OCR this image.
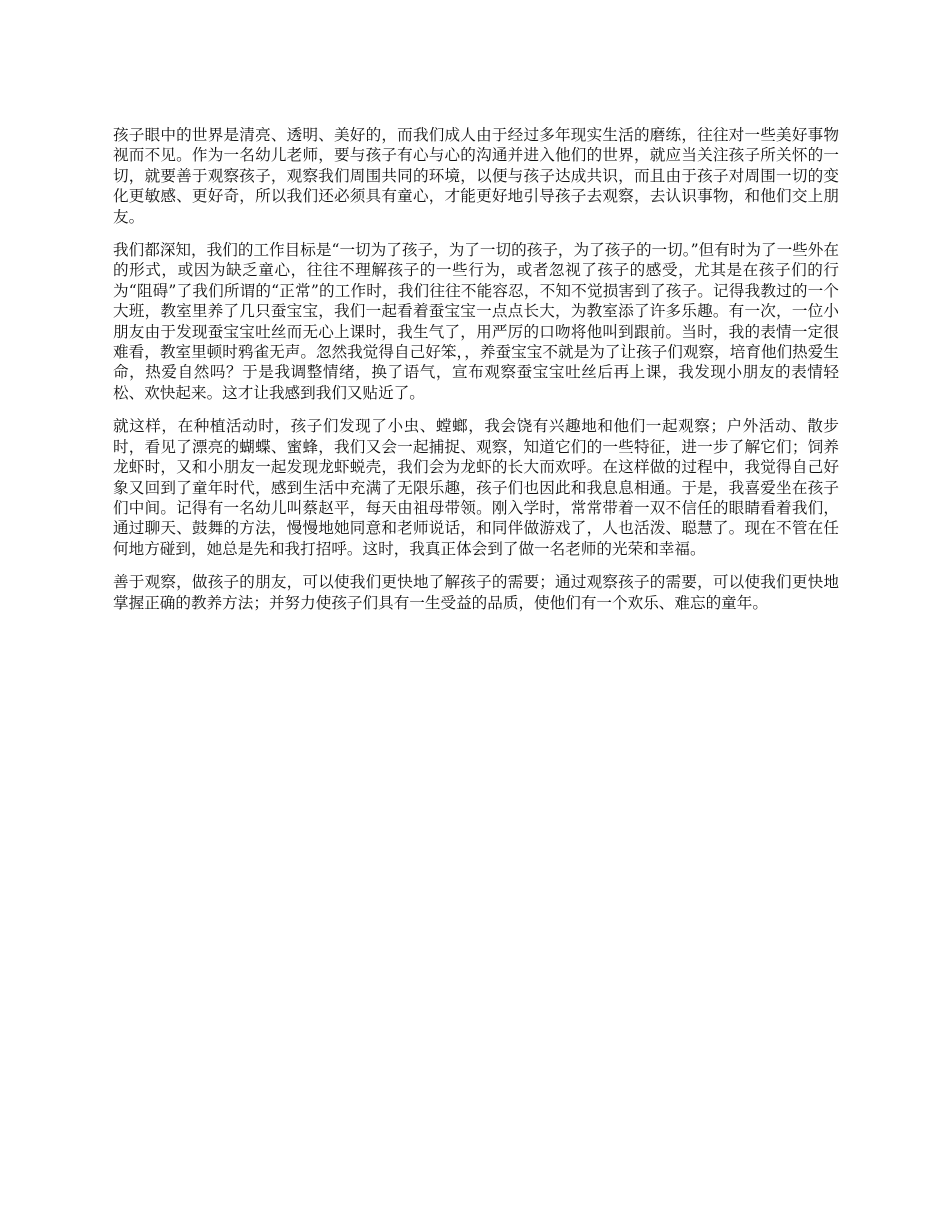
孩子眼中的世界是清亮、透明、美好的，而我们成人由于经过多年现实生活的磨练，往往对一些美好事物视而不见。作为一名幼儿老师，要与孩子有心与心的沟通并进入他们的世界，就应当关注孩子所关怀的一切，就要善于观察孩子，观察我们周围共同的环境，以便与孩子达成共识，而且由于孩子对周围一切的变化更敏感、更好奇，所以我们还必须具有童心，才能更好地引导孩子去观察，去认识事物，和他们交上朋友。

我们都深知，我们的工作目标是“一切为了孩子，为了一切的孩子，为了孩子的一切。”但有时为了一些外在的形式，或因为缺乏童心，往往不理解孩子的一些行为，或者忽视了孩子的感受，尤其是在孩子们的行为“阻碍”了我们所谓的“正常”的工作时，我们往往不能容忍，不知不觉损害到了孩子。记得我教过的一个大班，教室里养了几只蚕宝宝，我们一起看着蚕宝宝一点点长大，为教室添了许多乐趣。有一次，一位小朋友由于发现蚕宝宝吐丝而无心上课时，我生气了，用严厉的口吻将他叫到跟前。当时，我的表情一定很难看，教室里顿时鸦雀无声。忽然我觉得自己好笨，，养蚕宝宝不就是为了让孩子们观察，培育他们热爱生命，热爱自然吗？于是我调整情绪，换了语气，宣布观察蚕宝宝吐丝后再上课，我发现小朋友的表情轻松、欢快起来。这才让我感到我们又贴近了。

就这样，在种植活动时，孩子们发现了小虫、螳螂，我会饶有兴趣地和他们一起观察；户外活动、散步时，看见了漂亮的蝴蝶、蜜蜂，我们又会一起捕捉、观察，知道它们的一些特征，进一步了解它们；饲养龙虾时，又和小朋友一起发现龙虾蜕壳，我们会为龙虾的长大而欢呼。在这样做的过程中，我觉得自己好象又回到了童年时代，感到生活中充满了无限乐趣，孩子们也因此和我息息相通。于是，我喜爱坐在孩子们中间。记得有一名幼儿叫蔡赵平，每天由祖母带领。刚入学时，常常带着一双不信任的眼睛看着我们，通过聊天、鼓舞的方法，慢慢地她同意和老师说话，和同伴做游戏了，人也活泼、聪慧了。现在不管在任何地方碰到，她总是先和我打招呼。这时，我真正体会到了做一名老师的光荣和幸福。

善于观察，做孩子的朋友，可以使我们更快地了解孩子的需要；通过观察孩子的需要，可以使我们更快地掌握正确的教养方法；并努力使孩子们具有一生受益的品质，使他们有一个欢乐、难忘的童年。
